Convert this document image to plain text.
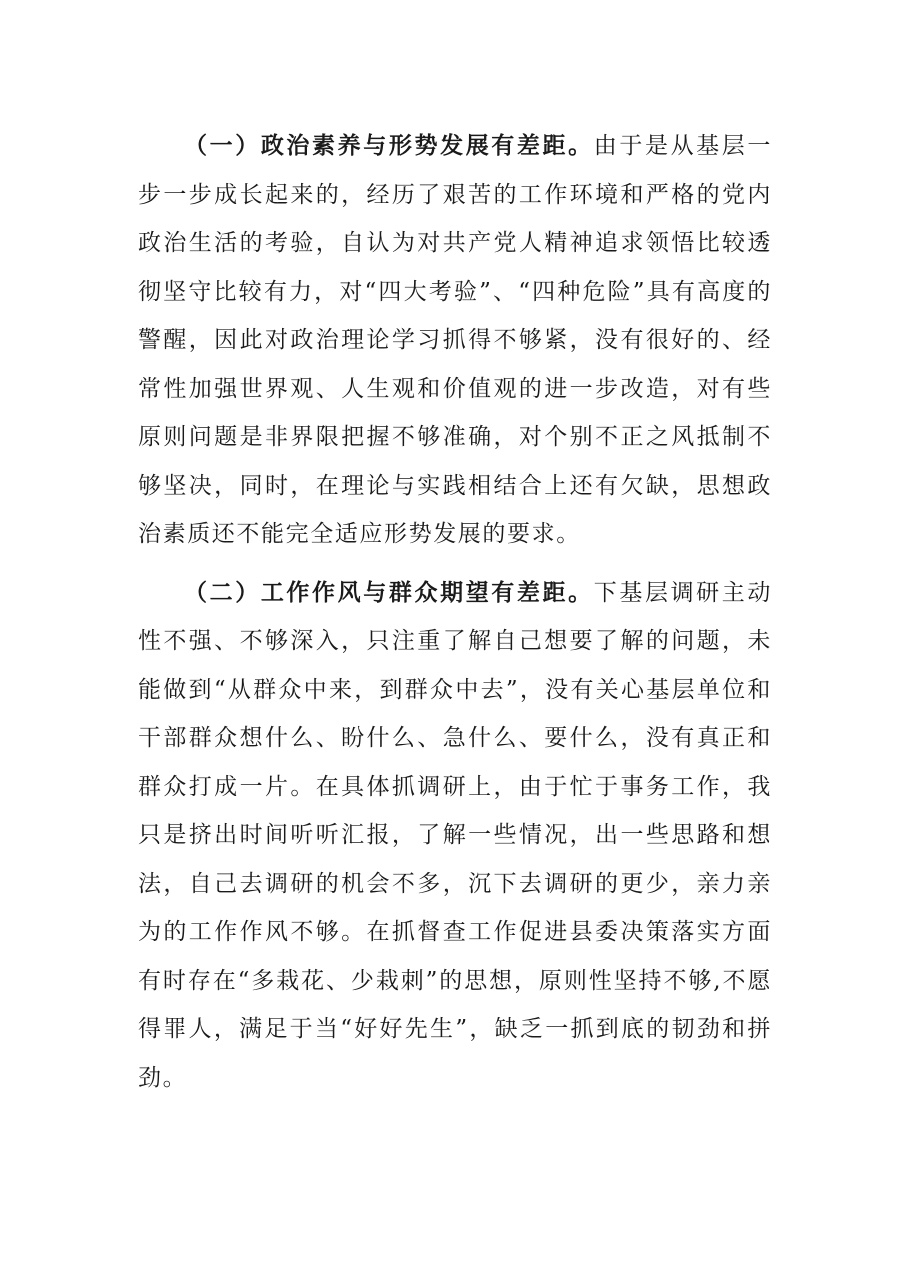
（一）政治素养与形势发展有差距。由于是从基层一步一步成长起来的，经历了艰苦的工作环境和严格的党内政治生活的考验，自认为对共产党人精神追求领悟比较透彻坚守比较有力，对“四大考验”、“四种危险”具有高度的警醒，因此对政治理论学习抓得不够紧，没有很好的、经常性加强世界观、人生观和价值观的进一步改造，对有些原则问题是非界限把握不够准确，对个别不正之风抵制不够坚决，同时，在理论与实践相结合上还有欠缺，思想政治素质还不能完全适应形势发展的要求。

（二）工作作风与群众期望有差距。下基层调研主动性不强、不够深入，只注重了解自己想要了解的问题，未能做到“从群众中来，到群众中去”，没有关心基层单位和干部群众想什么、盼什么、急什么、要什么，没有真正和群众打成一片。在具体抓调研上，由于忙于事务工作，我只是挤出时间听听汇报，了解一些情况，出一些思路和想法，自己去调研的机会不多，沉下去调研的更少，亲力亲为的工作作风不够。在抓督查工作促进县委决策落实方面有时存在“多栽花、少栽刺”的思想，原则性坚持不够,不愿得罪人，满足于当“好好先生”，缺乏一抓到底的韧劲和拼劲。
